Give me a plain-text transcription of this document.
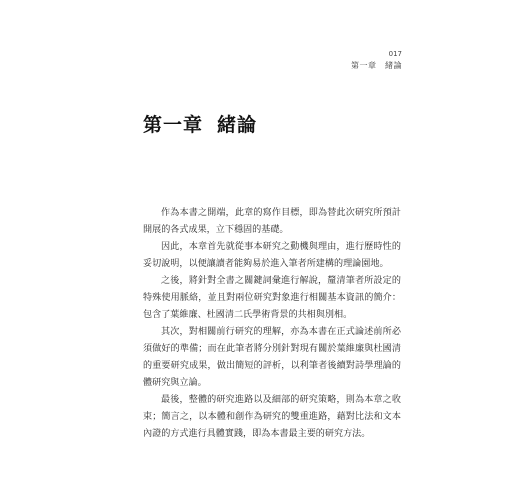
017
第一章　緒論
第一章 緒論

作為本書之開端，此章的寫作目標，即為替此次研究所預計開展的各式成果，立下穩固的基礎。

因此，本章首先就從事本研究之動機與理由，進行歷時性的妥切說明，以便讓讀者能夠易於進入筆者所建構的理論園地。

之後，將針對全書之關鍵詞彙進行解說，釐清筆者所設定的特殊使用脈絡，並且對兩位研究對象進行相關基本資訊的簡介：包含了葉維廉、杜國清二氏學術背景的共相與別相。

其次，對相關前行研究的理解，亦為本書在正式論述前所必須做好的準備；而在此筆者將分別針對現有關於葉維廉與杜國清的重要研究成果，做出簡短的評析，以利筆者後續對詩學理論的體研究與立論。

最後，整體的研究進路以及細部的研究策略，則為本章之收束；簡言之，以本體和創作為研究的雙重進路，藉對比法和文本內證的方式進行具體實踐，即為本書最主要的研究方法。
